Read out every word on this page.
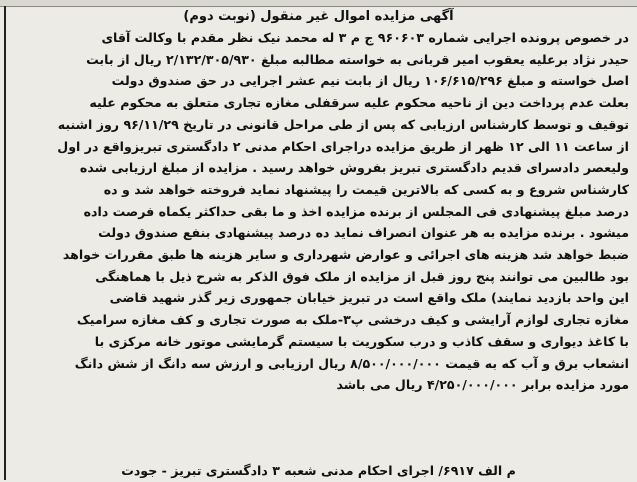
آگهی مزایده اموال غیر منقول (نوبت دوم)
در خصوص پرونده اجرایی شماره ۹۶۰۶۰۳ ج م ۳ له محمد نیک نظر مقدم با وکالت آقای
حیدر نژاد برعلیه یعقوب امیر قربانی به خواسته مطالبه مبلغ ۲/۱۳۲/۳۰۵/۹۳۰ ریال از بابت
اصل خواسته و مبلغ ۱۰۶/۶۱۵/۲۹۶ ریال از بابت نیم عشر اجرایی در حق صندوق دولت
بعلت عدم پرداخت دین از ناحیه محکوم علیه سرقفلی مغازه تجاری متعلق به محکوم علیه
توقیف و توسط کارشناس ارزیابی که پس از طی مراحل قانونی در تاریخ ۹۶/۱۱/۲۹ روز اشنبه
از ساعت ۱۱ الی ۱۲ ظهر از طریق مزایده دراجرای احکام مدنی ۲ دادگستری تبریزواقع در اول
ولیعصر دادسرای قدیم دادگستری تبریز بفروش خواهد رسید . مزایده از مبلغ ارزیابی شده
کارشناس شروع و به کسی که بالاترین قیمت را پیشنهاد نماید فروخته خواهد شد و ده
درصد مبلغ پیشنهادی فی المجلس از برنده مزایده اخذ و ما بقی حداکثر یکماه فرصت داده
میشود . برنده مزایده به هر عنوان انصراف نماید ده درصد پیشنهادی بنفع صندوق دولت
ضبط خواهد شد هزینه های اجرائی و عوارض شهرداری و سایر هزینه ها طبق مقررات خواهد
بود طالبین می توانند پنج روز قبل از مزایده از ملک فوق الذکر به شرح ذیل با هماهنگی
این واحد بازدید نمایند) ملک واقع است در تبریز خیابان جمهوری زیر گذر شهید قاضی
مغازه تجاری لوازم آرایشی و کیف درخشی پ۳-ملک به صورت تجاری و کف مغازه سرامیک
با کاغذ دیواری و سقف کاذب و درب سکوریت با سیستم گرمایشی موتور خانه مرکزی با
انشعاب برق و آب که به قیمت ۸/۵۰۰/۰۰۰/۰۰۰ ریال ارزیابی و ارزش سه دانگ از شش دانگ
مورد مزایده برابر ۴/۲۵۰/۰۰۰/۰۰۰ ریال می باشد
م الف ۶۹۱۷/ اجرای احکام مدنی شعبه ۳ دادگستری تبریز - جودت
